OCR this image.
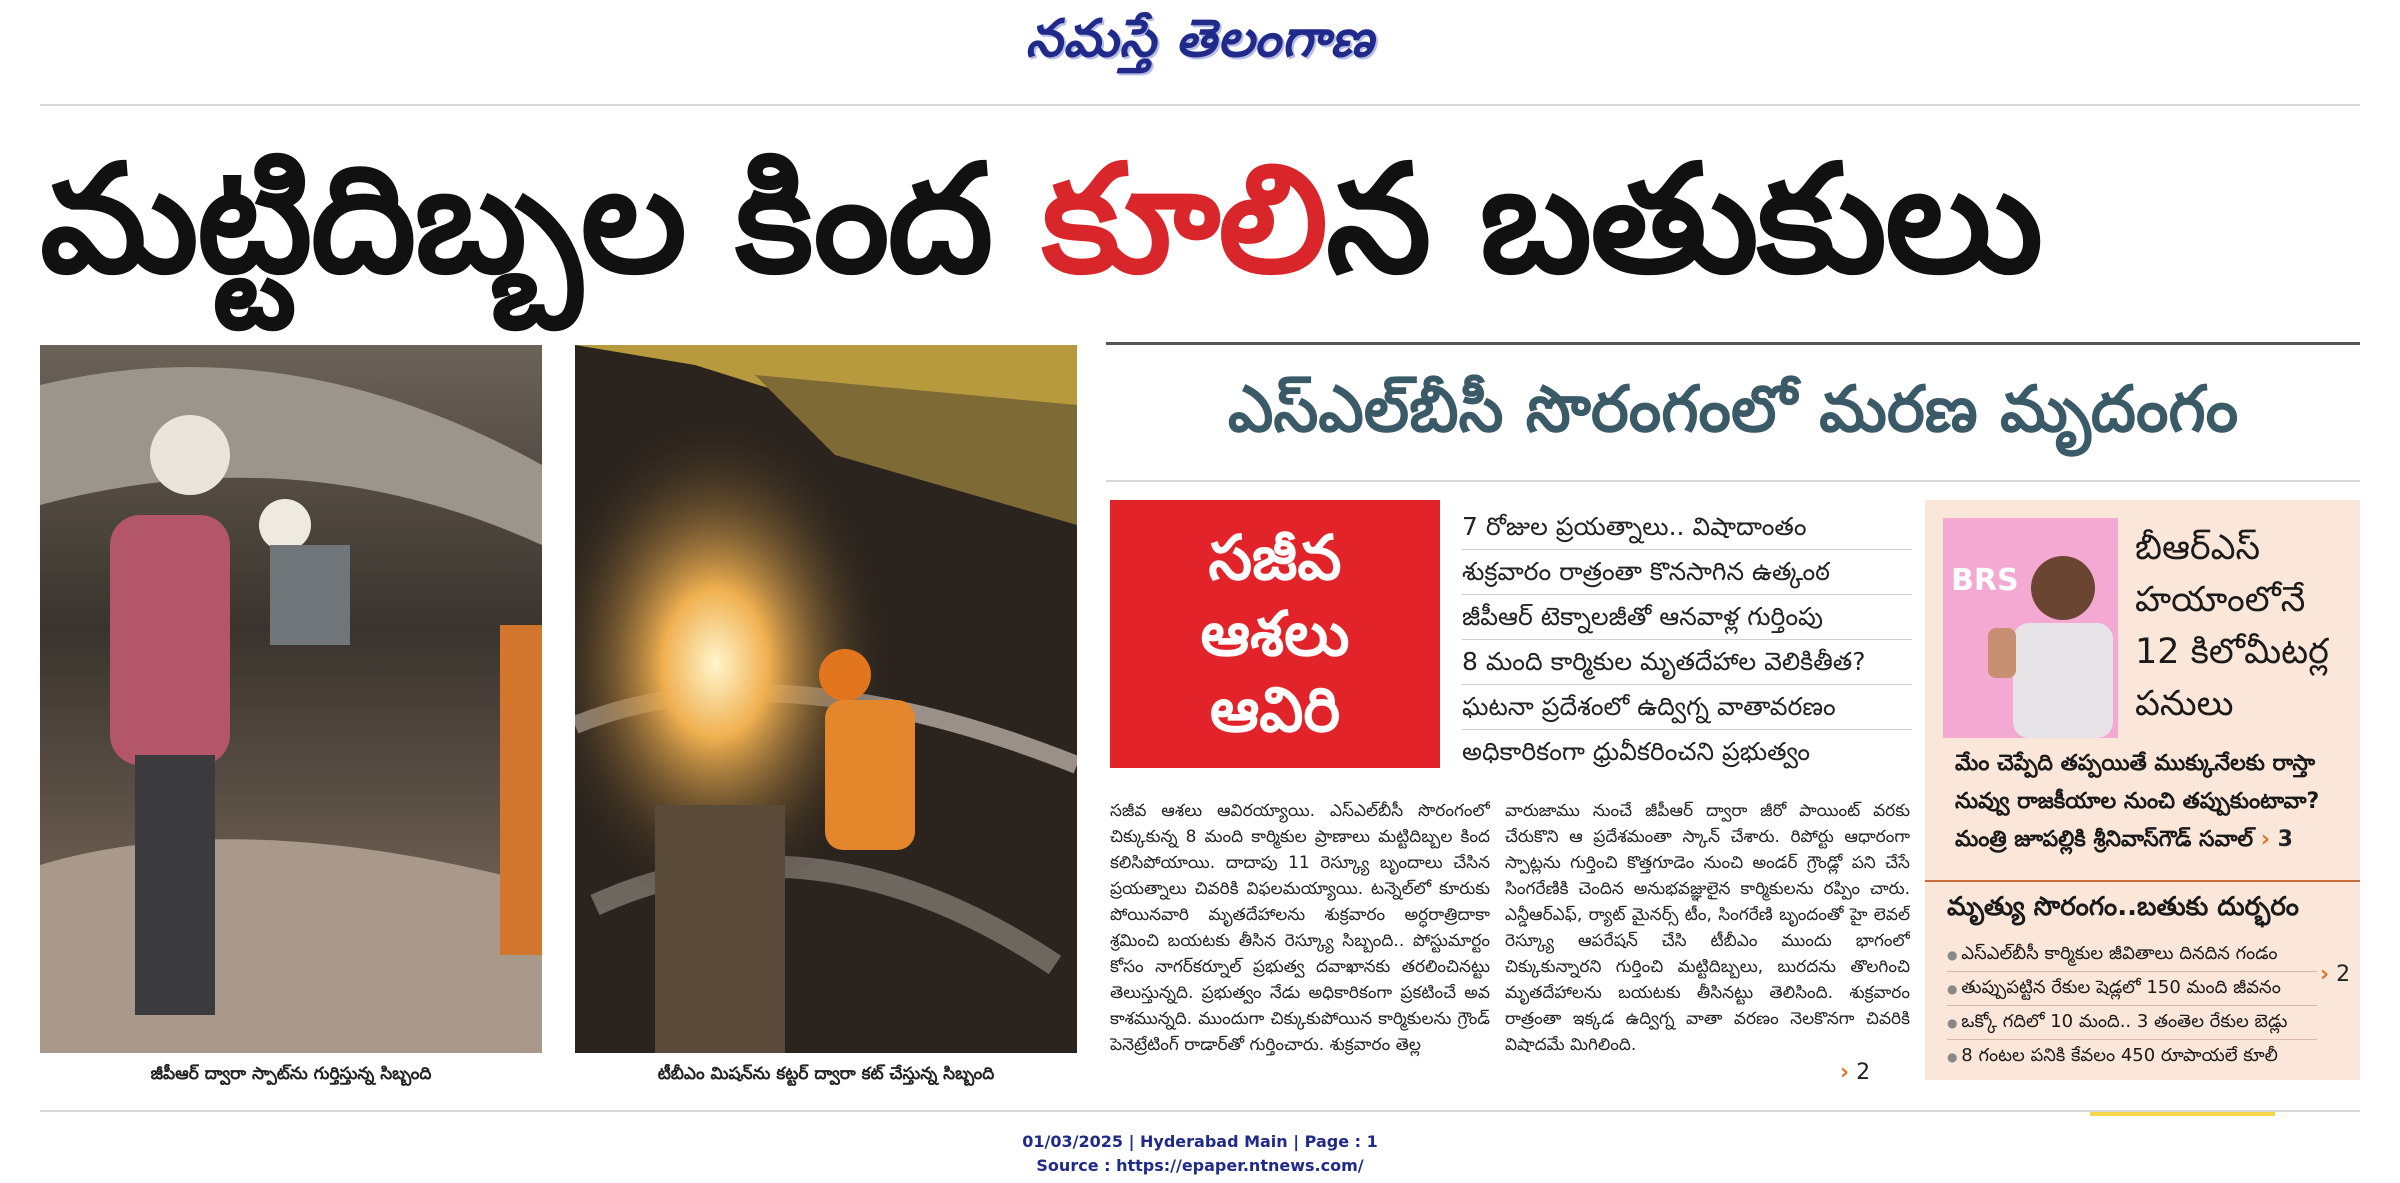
నమస్తే తెలంగాణ
మట్టిదిబ్బల కింద కూలిన బతుకులు
జీపీఆర్ ద్వారా స్పాట్‌ను గుర్తిస్తున్న సిబ్బంది	టీబీఎం మిషన్‌ను కట్టర్ ద్వారా కట్ చేస్తున్న సిబ్బంది
ఎస్‌ఎల్‌బీసీ సొరంగంలో మరణ మృదంగం
సజీవ
ఆశలు
ఆవిరి
7 రోజుల ప్రయత్నాలు.. విషాదాంతం
శుక్రవారం రాత్రంతా కొనసాగిన ఉత్కంఠ
జీపీఆర్ టెక్నాలజీతో ఆనవాళ్ల గుర్తింపు
8 మంది కార్మికుల మృతదేహాల వెలికితీత?
ఘటనా ప్రదేశంలో ఉద్విగ్న వాతావరణం
అధికారికంగా ధ్రువీకరించని ప్రభుత్వం
సజీవ ఆశలు ఆవిరయ్యాయి. ఎస్‌ఎల్‌బీసీ సొరంగంలో చిక్కుకున్న 8 మంది కార్మికుల ప్రాణాలు మట్టిదిబ్బల కింద కలిసిపోయాయి. దాదాపు 11 రెస్క్యూ బృందాలు చేసిన ప్రయత్నాలు చివరికి విఫలమయ్యాయి. టన్నెల్‌లో కూరుకు పోయినవారి మృతదేహాలను శుక్రవారం అర్ధరాత్రిదాకా శ్రమించి బయటకు తీసిన రెస్క్యూ సిబ్బంది.. పోస్టుమార్టం కోసం నాగర్‌కర్నూల్ ప్రభుత్వ దవాఖానకు తరలించినట్టు తెలుస్తున్నది. ప్రభుత్వం నేడు అధికారికంగా ప్రకటించే అవ కాశమున్నది. ముందుగా చిక్కుకుపోయిన కార్మికులను గ్రౌండ్ పెనెట్రేటింగ్ రాడార్‌తో గుర్తించారు. శుక్రవారం తెల్ల
వారుజాము నుంచే జీపీఆర్ ద్వారా జీరో పాయింట్ వరకు చేరుకొని ఆ ప్రదేశమంతా స్కాన్ చేశారు. రిపోర్టు ఆధారంగా స్పాట్లను గుర్తించి కొత్తగూడెం నుంచి అండర్ గ్రౌండ్లో పని చేసే సింగరేణికి చెందిన అనుభవజ్ఞులైన కార్మికులను రప్పిం చారు. ఎన్డీఆర్‌ఎఫ్, ర్యాట్ మైనర్స్ టీం, సింగరేణి బృందంతో హై లెవల్ రెస్క్యూ ఆపరేషన్ చేసి టీబీఎం ముందు భాగంలో చిక్కుకున్నారని గుర్తించి మట్టిదిబ్బలు, బురదను తొలగించి మృతదేహాలను బయటకు తీసినట్టు తెలిసింది. శుక్రవారం రాత్రంతా ఇక్కడ ఉద్విగ్న వాతా వరణం నెలకొనగా చివరికి విషాదమే మిగిలింది.
› 2
BRS
బీఆర్‌ఎస్
హయాంలోనే
12 కిలోమీటర్ల
పనులు
మేం చెప్పేది తప్పయితే ముక్కునేలకు రాస్తా
నువ్వు రాజకీయాల నుంచి తప్పుకుంటావా?
మంత్రి జూపల్లికి శ్రీనివాస్‌గౌడ్ సవాల్ › 3
మృత్యు సొరంగం..బతుకు దుర్భరం
● ఎస్‌ఎల్‌బీసీ కార్మికుల జీవితాలు దినదిన గండం
● తుప్పుపట్టిన రేకుల షెడ్లలో 150 మంది జీవనం
● ఒక్కో గదిలో 10 మంది.. 3 తంతెల రేకుల బెడ్లు
● 8 గంటల పనికి కేవలం 450 రూపాయలే కూలీ
› 2
01/03/2025 | Hyderabad Main | Page : 1
Source : https://epaper.ntnews.com/
